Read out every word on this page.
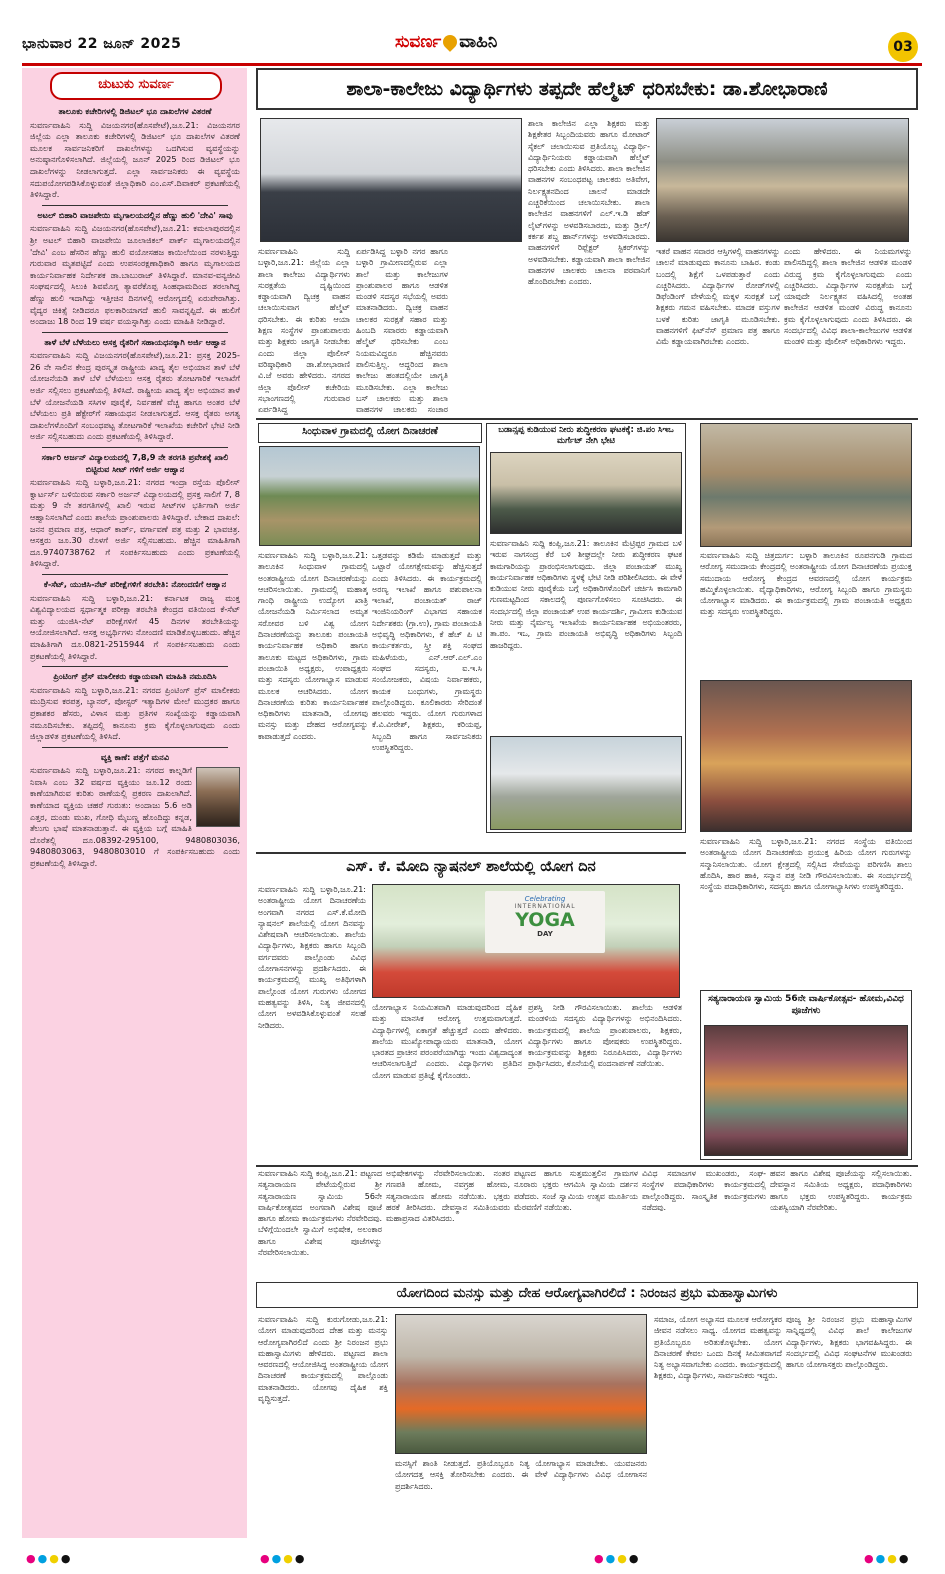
ಭಾನುವಾರ 22 ಜೂನ್ 2025	ಸುವರ್ಣ ವಾಹಿನಿ	03
ಚುಟುಕು ಸುವರ್ಣ
ತಾಲೂಕು ಕಚೇರಿಗಳಲ್ಲಿ ಡಿಜಿಟಲ್ ಭೂ ದಾಖಲೆಗಳ ವಿತರಣೆ
ಸುವರ್ಣವಾಹಿನಿ ಸುದ್ದಿ ವಿಜಯನಗರ(ಹೊಸಪೇಟೆ),ಜೂ.21: ವಿಜಯನಗರ ಜಿಲ್ಲೆಯ ಎಲ್ಲಾ ತಾಲೂಕು ಕಚೇರಿಗಳಲ್ಲಿ ಡಿಜಿಟಲ್ ಭೂ ದಾಖಲೆಗಳ ವಿತರಣೆ ಮೂಲಕ ಸಾರ್ವಜನಿಕರಿಗೆ ದಾಖಲೆಗಳನ್ನು ಒದಗಿಸುವ ವ್ಯವಸ್ಥೆಯನ್ನು ಅನುಷ್ಠಾನಗೊಳಿಸಲಾಗಿದೆ. ಜಿಲ್ಲೆಯಲ್ಲಿ ಜೂನ್ 2025 ರಿಂದ ಡಿಜಿಟಲ್ ಭೂ ದಾಖಲೆಗಳನ್ನು ನೀಡಲಾಗುತ್ತದೆ. ಎಲ್ಲಾ ಸಾರ್ವಜನಿಕರು ಈ ವ್ಯವಸ್ಥೆಯ ಸದುಪಯೋಗಪಡಿಸಿಕೊಳ್ಳುವಂತೆ ಜಿಲ್ಲಾಧಿಕಾರಿ ಎಂ.ಎಸ್.ದಿವಾಕರ್ ಪ್ರಕಟಣೆಯಲ್ಲಿ ತಿಳಿಸಿದ್ದಾರೆ.
ಅಟಲ್ ಬಿಹಾರಿ ವಾಜಪೇಯಿ ಮೃಗಾಲಯದಲ್ಲಿನ ಹೆಣ್ಣು ಹುಲಿ 'ದೇವಿ' ಸಾವು
ಸುವರ್ಣವಾಹಿನಿ ಸುದ್ದಿ ವಿಜಯನಗರ(ಹೊಸಪೇಟೆ),ಜೂ.21: ಕಮಲಾಪುರದಲ್ಲಿನ ಶ್ರೀ ಅಟಲ್ ಬಿಹಾರಿ ವಾಜಪೇಯಿ ಜೂಲಾಜಿಕಲ್ ಪಾರ್ಕ್ ಮೃಗಾಲಯದಲ್ಲಿನ 'ದೇವಿ' ಎಂಬ ಹೆಸರಿನ ಹೆಣ್ಣು ಹುಲಿ ವಯೋಸಹಜ ಕಾಯಿಲೆಯಿಂದ ನರಳುತ್ತಿದ್ದು ಗುರುವಾರ ಮೃತಪಟ್ಟಿದೆ ಎಂದು ಉಪಸಂರಕ್ಷಣಾಧಿಕಾರಿ ಹಾಗೂ ಮೃಗಾಲಯದ ಕಾರ್ಯನಿರ್ವಾಹಕ ನಿರ್ದೇಶಕ ಡಾ.ಬಾಬುರಾಜ್ ತಿಳಿಸಿದ್ದಾರೆ. ಮಾನವ-ವನ್ಯಜೀವಿ ಸಂಘರ್ಷದಲ್ಲಿ ಸಿಲುಕಿ ಶಿವಮೊಗ್ಗ ತ್ಯಾವರೆಕೊಪ್ಪ ಸಿಂಹಧಾಮದಿಂದ ತರಲಾಗಿದ್ದ ಹೆಣ್ಣು ಹುಲಿ ಇದಾಗಿದ್ದು ಇತ್ತೀಚಿನ ದಿನಗಳಲ್ಲಿ ಆರೋಗ್ಯದಲ್ಲಿ ಏರುಪೇರಾಗಿತ್ತು. ವೈದ್ಯರ ಚಿಕಿತ್ಸೆ ನೀಡಿದರೂ ಫಲಕಾರಿಯಾಗದೆ ಹುಲಿ ಸಾವನ್ನಪ್ಪಿದೆ. ಈ ಹುಲಿಗೆ ಅಂದಾಜು 18 ರಿಂದ 19 ವರ್ಷ ವಯಸ್ಸಾಗಿತ್ತು ಎಂದು ಮಾಹಿತಿ ನೀಡಿದ್ದಾರೆ.
ತಾಳೆ ಬೆಳೆ ಬೆಳೆಯಲು ಆಸಕ್ತ ರೈತರಿಗೆ ಸಹಾಯಧನಕ್ಕಾಗಿ ಅರ್ಜಿ ಆಹ್ವಾನ
ಸುವರ್ಣವಾಹಿನಿ ಸುದ್ದಿ ವಿಜಯನಗರ(ಹೊಸಪೇಟೆ),ಜೂ.21: ಪ್ರಸಕ್ತ 2025-26 ನೇ ಸಾಲಿನ ಕೇಂದ್ರ ಪುರಸ್ಕೃತ ರಾಷ್ಟ್ರೀಯ ಖಾದ್ಯ ತೈಲ ಅಭಿಯಾನ ತಾಳೆ ಬೆಳೆ ಯೋಜನೆಯಡಿ ತಾಳೆ ಬೆಳೆ ಬೆಳೆಯಲು ಆಸಕ್ತ ರೈತರು ತೋಟಗಾರಿಕೆ ಇಲಾಖೆಗೆ ಅರ್ಜಿ ಸಲ್ಲಿಸಲು ಪ್ರಕಟಣೆಯಲ್ಲಿ ತಿಳಿಸಿದೆ. ರಾಷ್ಟ್ರೀಯ ಖಾದ್ಯ ತೈಲ ಅಭಿಯಾನ ತಾಳೆ ಬೆಳೆ ಯೋಜನೆಯಡಿ ಸಸಿಗಳ ಪೂರೈಕೆ, ನಿರ್ವಹಣೆ ವೆಚ್ಚ ಹಾಗೂ ಅಂತರ ಬೆಳೆ ಬೆಳೆಯಲು ಪ್ರತಿ ಹೆಕ್ಟೇರ್‌ಗೆ ಸಹಾಯಧನ ನೀಡಲಾಗುತ್ತದೆ. ಆಸಕ್ತ ರೈತರು ಅಗತ್ಯ ದಾಖಲೆಗಳೊಂದಿಗೆ ಸಂಬಂಧಪಟ್ಟ ತೋಟಗಾರಿಕೆ ಇಲಾಖೆಯ ಕಚೇರಿಗೆ ಭೇಟಿ ನೀಡಿ ಅರ್ಜಿ ಸಲ್ಲಿಸಬಹುದು ಎಂದು ಪ್ರಕಟಣೆಯಲ್ಲಿ ತಿಳಿಸಿದ್ದಾರೆ.
ಸರ್ಕಾರಿ ಅರ್ಜನ್ ವಿದ್ಯಾಲಯದಲ್ಲಿ 7,8,9 ನೇ ತರಗತಿ ಪ್ರವೇಶಕ್ಕೆ ಖಾಲಿ ಬಿಟ್ಟಿರುವ ಸೀಟ್ ಗಳಿಗೆ ಅರ್ಜಿ ಆಹ್ವಾನ
ಸುವರ್ಣವಾಹಿನಿ ಸುದ್ದಿ ಬಳ್ಳಾರಿ,ಜೂ.21: ನಗರದ ಇಂದ್ರಾ ರಸ್ತೆಯ ಪೊಲೀಸ್ ಕ್ವಾರ್ಟರ್ಸ್ ಬಳಿಯಿರುವ ಸರ್ಕಾರಿ ಅರ್ಜನ್ ವಿದ್ಯಾಲಯದಲ್ಲಿ ಪ್ರಸಕ್ತ ಸಾಲಿಗೆ 7, 8 ಮತ್ತು 9 ನೇ ತರಗತಿಗಳಲ್ಲಿ ಖಾಲಿ ಇರುವ ಸೀಟ್‌ಗಳ ಭರ್ತಿಗಾಗಿ ಅರ್ಜಿ ಆಹ್ವಾನಿಸಲಾಗಿದೆ ಎಂದು ಶಾಲೆಯ ಪ್ರಾಂಶುಪಾಲರು ತಿಳಿಸಿದ್ದಾರೆ. ಬೇಕಾದ ದಾಖಲೆ: ಜನನ ಪ್ರಮಾಣ ಪತ್ರ, ಆಧಾರ್ ಕಾರ್ಡ್, ವರ್ಗಾವಣೆ ಪತ್ರ ಮತ್ತು 2 ಭಾವಚಿತ್ರ. ಆಸಕ್ತರು ಜೂ.30 ರೊಳಗೆ ಅರ್ಜಿ ಸಲ್ಲಿಸಬಹುದು. ಹೆಚ್ಚಿನ ಮಾಹಿತಿಗಾಗಿ ದೂ.9740738762 ಗೆ ಸಂಪರ್ಕಿಸಬಹುದು ಎಂದು ಪ್ರಕಟಣೆಯಲ್ಲಿ ತಿಳಿಸಿದ್ದಾರೆ.
ಕೆ-ಸೆಟ್, ಯುಜಿಸಿ-ನೆಟ್ ಪರೀಕ್ಷೆಗಳಿಗೆ ತರಬೇತಿ: ನೋಂದಣಿಗೆ ಆಹ್ವಾನ
ಸುವರ್ಣವಾಹಿನಿ ಸುದ್ದಿ ಬಳ್ಳಾರಿ,ಜೂ.21: ಕರ್ನಾಟಕ ರಾಜ್ಯ ಮುಕ್ತ ವಿಶ್ವವಿದ್ಯಾಲಯದ ಸ್ಪರ್ಧಾತ್ಮಕ ಪರೀಕ್ಷಾ ತರಬೇತಿ ಕೇಂದ್ರದ ವತಿಯಿಂದ ಕೆ-ಸೆಟ್ ಮತ್ತು ಯುಜಿಸಿ-ನೆಟ್ ಪರೀಕ್ಷೆಗಳಿಗೆ 45 ದಿನಗಳ ತರಬೇತಿಯನ್ನು ಆಯೋಜಿಸಲಾಗಿದೆ. ಆಸಕ್ತ ಅಭ್ಯರ್ಥಿಗಳು ನೋಂದಣಿ ಮಾಡಿಕೊಳ್ಳಬಹುದು. ಹೆಚ್ಚಿನ ಮಾಹಿತಿಗಾಗಿ ದೂ.0821-2515944 ಗೆ ಸಂಪರ್ಕಿಸಬಹುದು ಎಂದು ಪ್ರಕಟಣೆಯಲ್ಲಿ ತಿಳಿಸಿದ್ದಾರೆ.
ಪ್ರಿಂಟಿಂಗ್ ಪ್ರೆಸ್ ಮಾಲೀಕರು ಕಡ್ಡಾಯವಾಗಿ ಮಾಹಿತಿ ನಮೂದಿಸಿ
ಸುವರ್ಣವಾಹಿನಿ ಸುದ್ದಿ ಬಳ್ಳಾರಿ,ಜೂ.21: ನಗರದ ಪ್ರಿಂಟಿಂಗ್ ಪ್ರೆಸ್ ಮಾಲೀಕರು ಮುದ್ರಿಸುವ ಕರಪತ್ರ, ಬ್ಯಾನರ್, ಪೋಸ್ಟರ್ ಇತ್ಯಾದಿಗಳ ಮೇಲೆ ಮುದ್ರಕರ ಹಾಗೂ ಪ್ರಕಾಶಕರ ಹೆಸರು, ವಿಳಾಸ ಮತ್ತು ಪ್ರತಿಗಳ ಸಂಖ್ಯೆಯನ್ನು ಕಡ್ಡಾಯವಾಗಿ ನಮೂದಿಸಬೇಕು. ತಪ್ಪಿದಲ್ಲಿ ಕಾನೂನು ಕ್ರಮ ಕೈಗೊಳ್ಳಲಾಗುವುದು ಎಂದು ಜಿಲ್ಲಾಡಳಿತ ಪ್ರಕಟಣೆಯಲ್ಲಿ ತಿಳಿಸಿದೆ.
ವ್ಯಕ್ತಿ ಕಾಣೆ: ಪತ್ತೆಗೆ ಮನವಿ
ಸುವರ್ಣವಾಹಿನಿ ಸುದ್ದಿ ಬಳ್ಳಾರಿ,ಜೂ.21: ನಗರದ ಕಾಲ್ನಡಿಗೆ ನಿವಾಸಿ ಎಂಬ 32 ವರ್ಷದ ವ್ಯಕ್ತಿಯು ಜೂ.12 ರಂದು ಕಾಣೆಯಾಗಿರುವ ಕುರಿತು ಠಾಣೆಯಲ್ಲಿ ಪ್ರಕರಣ ದಾಖಲಾಗಿದೆ. ಕಾಣೆಯಾದ ವ್ಯಕ್ತಿಯ ಚಹರೆ ಗುರುತು: ಅಂದಾಜು 5.6 ಅಡಿ ಎತ್ತರ, ದುಂಡು ಮುಖ, ಗೋಧಿ ಮೈಬಣ್ಣ ಹೊಂದಿದ್ದು ಕನ್ನಡ, ತೆಲುಗು ಭಾಷೆ ಮಾತನಾಡುತ್ತಾನೆ. ಈ ವ್ಯಕ್ತಿಯ ಬಗ್ಗೆ ಮಾಹಿತಿ ದೊರೆತಲ್ಲಿ ದೂ.08392-295100, 9480803036, 9480803063, 9480803010 ಗೆ ಸಂಪರ್ಕಿಸಬಹುದು ಎಂದು ಪ್ರಕಟಣೆಯಲ್ಲಿ ತಿಳಿಸಿದ್ದಾರೆ.
ಶಾಲಾ-ಕಾಲೇಜು ವಿದ್ಯಾರ್ಥಿಗಳು ತಪ್ಪದೇ ಹೆಲ್ಮೆಟ್ ಧರಿಸಬೇಕು: ಡಾ.ಶೋಭಾರಾಣಿ
ಸುವರ್ಣವಾಹಿನಿ ಸುದ್ದಿ ಬಳ್ಳಾರಿ,ಜೂ.21: ಜಿಲ್ಲೆಯ ಎಲ್ಲಾ ಶಾಲಾ ಕಾಲೇಜು ವಿದ್ಯಾರ್ಥಿಗಳು ಸುರಕ್ಷತೆಯ ದೃಷ್ಟಿಯಿಂದ ಕಡ್ಡಾಯವಾಗಿ ದ್ವಿಚಕ್ರ ವಾಹನ ಚಲಾಯಿಸುವಾಗ ಹೆಲ್ಮೆಟ್ ಧರಿಸಬೇಕು. ಈ ಕುರಿತು ಆಯಾ ಶಿಕ್ಷಣ ಸಂಸ್ಥೆಗಳ ಪ್ರಾಂಶುಪಾಲರು ಮತ್ತು ಶಿಕ್ಷಕರು ಜಾಗೃತಿ ನೀಡಬೇಕು ಎಂದು ಜಿಲ್ಲಾ ಪೊಲೀಸ್ ವರಿಷ್ಠಾಧಿಕಾರಿ ಡಾ.ಶೋಭಾರಾಣಿ ವಿ.ಜೆ ಅವರು ಹೇಳಿದರು. ನಗರದ ಜಿಲ್ಲಾ ಪೊಲೀಸ್ ಕಚೇರಿಯ ಸಭಾಂಗಣದಲ್ಲಿ ಗುರುವಾರ ಏರ್ಪಡಿಸಿದ್ದ
ಏರ್ಪಡಿಸಿದ್ದ ಬಳ್ಳಾರಿ ನಗರ ಹಾಗೂ ಬಳ್ಳಾರಿ ಗ್ರಾಮೀಣದಲ್ಲಿರುವ ಎಲ್ಲಾ ಶಾಲೆ ಮತ್ತು ಕಾಲೇಜುಗಳ ಪ್ರಾಂಶುಪಾಲರ ಹಾಗೂ ಆಡಳಿತ ಮಂಡಳಿ ಸದಸ್ಯರ ಸಭೆಯಲ್ಲಿ ಅವರು ಮಾತನಾಡಿದರು. ದ್ವಿಚಕ್ರ ವಾಹನ ಚಾಲಕರ ಸುರಕ್ಷತೆ ಸಹಾರ ಮತ್ತು ಹಿಂಬದಿ ಸವಾರರು ಕಡ್ಡಾಯವಾಗಿ ಹೆಲ್ಮೆಟ್ ಧರಿಸಬೇಕು ಎಂಬ ನಿಯಮವಿದ್ದರೂ ಹೆಚ್ಚಿನವರು ಪಾಲಿಸುತ್ತಿಲ್ಲ. ಆದ್ದರಿಂದ ಶಾಲಾ ಕಾಲೇಜು ಹಂತದಲ್ಲಿಯೇ ಜಾಗೃತಿ ಮೂಡಿಸಬೇಕು. ಎಲ್ಲಾ ಕಾಲೇಜು ಬಸ್ ಚಾಲಕರು ಮತ್ತು ಶಾಲಾ ವಾಹನಗಳ ಚಾಲಕರು ಸಂಚಾರ
ಶಾಲಾ ಕಾಲೇಜಿನ ಎಲ್ಲಾ ಶಿಕ್ಷಕರು ಮತ್ತು ಶಿಕ್ಷಕೇತರ ಸಿಬ್ಬಂದಿಯವರು ಹಾಗೂ ಮೋಟಾರ್ ಸೈಕಲ್ ಚಲಾಯಿಸುವ ಪ್ರತಿಯೊಬ್ಬ ವಿದ್ಯಾರ್ಥಿ-ವಿದ್ಯಾರ್ಥಿನಿಯರು ಕಡ್ಡಾಯವಾಗಿ ಹೆಲ್ಮೆಟ್ ಧರಿಸಬೇಕು ಎಂದು ತಿಳಿಸಿದರು. ಶಾಲಾ ಕಾಲೇಜಿನ ವಾಹನಗಳ ಸಂಬಂಧಪಟ್ಟ ಚಾಲಕರು ಅತಿವೇಗ, ನಿರ್ಲಕ್ಷ್ಯತನದಿಂದ ಚಾಲನೆ ಮಾಡದೇ ಎಚ್ಚರಿಕೆಯಿಂದ ಚಲಾಯಿಸಬೇಕು. ಶಾಲಾ ಕಾಲೇಜಿನ ವಾಹನಗಳಿಗೆ ಎಲ್.ಇ.ಡಿ ಹೆಡ್ ಲೈಟ್‌ಗಳನ್ನು ಅಳವಡಿಸಬಾರದು, ಮತ್ತು ಡ್ರಿಲ್/ಕರ್ಕಶ ಶಬ್ದ ಹಾರ್ನ್‌ಗಳನ್ನು ಅಳವಡಿಸಬಾರದು. ವಾಹನಗಳಿಗೆ ರಿಫ್ಲೆಕ್ಟರ್ ಸ್ಟಿಕರ್‌ಗಳನ್ನು ಅಳವಡಿಸಬೇಕು. ಕಡ್ಡಾಯವಾಗಿ ಶಾಲಾ ಕಾಲೇಜಿನ ವಾಹನಗಳ ಚಾಲಕರು ಚಾಲನಾ ಪರವಾನಿಗೆ ಹೊಂದಿರಬೇಕು ಎಂದರು.
ಇತರೆ ವಾಹನ ಸವಾರರ ಆಸ್ತಿಗಳಲ್ಲಿ ವಾಹನಗಳನ್ನು ಚಾಲನೆ ಮಾಡುವುದು ಕಾನೂನು ಬಾಹಿರ. ಕಂಡು ಬಂದಲ್ಲಿ ಶಿಕ್ಷೆಗೆ ಒಳಪಡುತ್ತಾರೆ ಎಂದು ಎಚ್ಚರಿಸಿದರು. ವಿದ್ಯಾರ್ಥಿಗಳ ರೋಡ್‌ಗಳಲ್ಲಿ ಡಿಫೆಂಡಿಂಗ್ ವೇಳೆಯಲ್ಲಿ ಮಕ್ಕಳ ಸುರಕ್ಷತೆ ಬಗ್ಗೆ ಶಿಕ್ಷಕರು ಗಮನ ವಹಿಸಬೇಕು. ಮಾದಕ ವಸ್ತುಗಳ ಬಳಕೆ ಕುರಿತು ಜಾಗೃತಿ ಮೂಡಿಸಬೇಕು. ವಾಹನಗಳಿಗೆ ಫಿಟ್‌ನೆಸ್ ಪ್ರಮಾಣ ಪತ್ರ ಹಾಗೂ ವಿಮೆ ಕಡ್ಡಾಯವಾಗಿರಬೇಕು ಎಂದರು.
ಎಂದು ಹೇಳಿದರು. ಈ ನಿಯಮಗಳನ್ನು ಪಾಲಿಸದಿದ್ದಲ್ಲಿ ಶಾಲಾ ಕಾಲೇಜಿನ ಆಡಳಿತ ಮಂಡಳಿ ವಿರುದ್ಧ ಕ್ರಮ ಕೈಗೊಳ್ಳಲಾಗುವುದು ಎಂದು ಎಚ್ಚರಿಸಿದರು. ವಿದ್ಯಾರ್ಥಿಗಳ ಸುರಕ್ಷತೆಯ ಬಗ್ಗೆ ಯಾವುದೇ ನಿರ್ಲಕ್ಷ್ಯತನ ವಹಿಸಿದಲ್ಲಿ ಅಂತಹ ಕಾಲೇಜಿನ ಆಡಳಿತ ಮಂಡಳಿ ವಿರುದ್ಧ ಕಾನೂನು ಕ್ರಮ ಕೈಗೊಳ್ಳಲಾಗುವುದು ಎಂದು ತಿಳಿಸಿದರು. ಈ ಸಂದರ್ಭದಲ್ಲಿ ವಿವಿಧ ಶಾಲಾ-ಕಾಲೇಜುಗಳ ಆಡಳಿತ ಮಂಡಳಿ ಮತ್ತು ಪೊಲೀಸ್ ಅಧಿಕಾರಿಗಳು ಇದ್ದರು.
ಸಿಂಧುವಾಳ ಗ್ರಾಮದಲ್ಲಿ ಯೋಗ ದಿನಾಚರಣೆ
ಸುವರ್ಣವಾಹಿನಿ ಸುದ್ದಿ ಬಳ್ಳಾರಿ,ಜೂ.21: ತಾಲೂಕಿನ ಸಿಂಧುವಾಳ ಗ್ರಾಮದಲ್ಲಿ ಅಂತರಾಷ್ಟ್ರೀಯ ಯೋಗ ದಿನಾಚರಣೆಯನ್ನು ಆಚರಿಸಲಾಯಿತು. ಗ್ರಾಮದಲ್ಲಿ ಮಹಾತ್ಮ ಗಾಂಧಿ ರಾಷ್ಟ್ರೀಯ ಉದ್ಯೋಗ ಖಾತ್ರಿ ಯೋಜನೆಯಡಿ ನಿರ್ಮಿಸಲಾದ ಅಮೃತ ಸರೋವರ ಬಳಿ ವಿಶ್ವ ಯೋಗ ದಿನಾಚರಣೆಯನ್ನು ತಾಲೂಕು ಪಂಚಾಯತಿ ಕಾರ್ಯನಿರ್ವಾಹಕ ಅಧಿಕಾರಿ ಹಾಗೂ ತಾಲೂಕು ಮಟ್ಟದ ಅಧಿಕಾರಿಗಳು, ಗ್ರಾಮ ಪಂಚಾಯಿತಿ ಅಧ್ಯಕ್ಷರು, ಉಪಾಧ್ಯಕ್ಷರು ಮತ್ತು ಸದಸ್ಯರು ಯೋಗಾಭ್ಯಾಸ ಮಾಡುವ ಮೂಲಕ ಆಚರಿಸಿದರು. ಯೋಗ ದಿನಾಚರಣೆಯ ಕುರಿತು ಕಾರ್ಯನಿರ್ವಾಹಕ ಅಧಿಕಾರಿಗಳು ಮಾತನಾಡಿ, ಯೋಗವು ಮನಸ್ಸು ಮತ್ತು ದೇಹದ ಆರೋಗ್ಯವನ್ನು ಕಾಪಾಡುತ್ತದೆ ಎಂದರು.
ಒತ್ತಡವನ್ನು ಕಡಿಮೆ ಮಾಡುತ್ತದೆ ಮತ್ತು ಒಟ್ಟಾರೆ ಯೋಗಕ್ಷೇಮವನ್ನು ಹೆಚ್ಚಿಸುತ್ತದೆ ಎಂದು ತಿಳಿಸಿದರು. ಈ ಕಾರ್ಯಕ್ರಮದಲ್ಲಿ ಅರಣ್ಯ ಇಲಾಖೆ ಹಾಗೂ ಪಶುಪಾಲನಾ ಇಲಾಖೆ, ಪಂಚಾಯತ್ ರಾಜ್ ಇಂಜಿನಿಯರಿಂಗ್ ವಿಭಾಗದ ಸಹಾಯಕ ನಿರ್ದೇಶಕರು (ಗ್ರಾ.ಉ), ಗ್ರಾಮ ಪಂಚಾಯತಿ ಅಭಿವೃದ್ಧಿ ಅಧಿಕಾರಿಗಳು, ಕೆ ಹೆಚ್ ಪಿ ಟಿ ಕಾರ್ಯಕರ್ತರು, ಸ್ತ್ರೀ ಶಕ್ತಿ ಸಂಘದ ಮಹಿಳೆಯರು, ಎನ್.ಆರ್.ಎಲ್.ಎಂ ಸಂಘದ ಸದಸ್ಯರು, ಐ.ಇ.ಸಿ ಸಂಯೋಜಕರು, ವಿಷಯ ನಿರ್ವಾಹಕರು, ಕಾಯಕ ಬಂಧುಗಳು, ಗ್ರಾಮಸ್ಥರು ಪಾಲ್ಗೊಂಡಿದ್ದರು. ಕೂಲಿಕಾರರು ಸೇರಿದಂತೆ ಹಲವರು ಇದ್ದರು. ಯೋಗ ಗುರುಗಳಾದ ಕೆ.ವಿ.ವೀರೇಶ್, ಶಿಕ್ಷಕರು, ಕರಿಯಪ್ಪ, ಸಿಬ್ಬಂದಿ ಹಾಗೂ ಸಾರ್ವಜನಿಕರು ಉಪಸ್ಥಿತರಿದ್ದರು.
ಬಡಾನ್ಸಪ್ಪ ಕುಡಿಯುವ ನೀರು ಶುದ್ಧೀಕರಣ ಘಟಕಕ್ಕೆ: ಜಿ.ಪಂ ಸಿಇಒ ಮರ್ಗೆಟ್ ನೇಗಿ ಭೇಟಿ
ಸುವರ್ಣವಾಹಿನಿ ಸುದ್ದಿ ಕಂಪ್ಲಿ,ಜೂ.21: ತಾಲೂಕಿನ ಮೆಟ್ರಿಪ್ಪರ ಗ್ರಾಮದ ಬಳಿ ಇರುವ ನಾಗಸಂದ್ರ ಕೆರೆ ಬಳಿ ಶೀಘ್ರದಲ್ಲೇ ನೀರು ಶುದ್ಧೀಕರಣ ಘಟಕ ಕಾಮಗಾರಿಯನ್ನು ಪ್ರಾರಂಭಿಸಲಾಗುವುದು. ಜಿಲ್ಲಾ ಪಂಚಾಯತ್ ಮುಖ್ಯ ಕಾರ್ಯನಿರ್ವಾಹಕ ಅಧಿಕಾರಿಗಳು ಸ್ಥಳಕ್ಕೆ ಭೇಟಿ ನೀಡಿ ಪರಿಶೀಲಿಸಿದರು. ಈ ವೇಳೆ ಕುಡಿಯುವ ನೀರು ಪೂರೈಕೆಯ ಬಗ್ಗೆ ಅಧಿಕಾರಿಗಳೊಂದಿಗೆ ಚರ್ಚಿಸಿ ಕಾಮಗಾರಿ ಗುಣಮಟ್ಟದಿಂದ ಸಕಾಲದಲ್ಲಿ ಪೂರ್ಣಗೊಳಿಸಲು ಸೂಚಿಸಿದರು. ಈ ಸಂದರ್ಭದಲ್ಲಿ ಜಿಲ್ಲಾ ಪಂಚಾಯತ್ ಉಪ ಕಾರ್ಯದರ್ಶಿ, ಗ್ರಾಮೀಣ ಕುಡಿಯುವ ನೀರು ಮತ್ತು ನೈರ್ಮಲ್ಯ ಇಲಾಖೆಯ ಕಾರ್ಯನಿರ್ವಾಹಕ ಅಭಿಯಂತರರು, ತಾ.ಪಂ. ಇಒ, ಗ್ರಾಮ ಪಂಚಾಯತಿ ಅಭಿವೃದ್ಧಿ ಅಧಿಕಾರಿಗಳು ಸಿಬ್ಬಂದಿ ಹಾಜರಿದ್ದರು.
ಸುವರ್ಣವಾಹಿನಿ ಸುದ್ದಿ ಚಿತ್ರದುರ್ಗ: ಬಳ್ಳಾರಿ ತಾಲೂಕಿನ ರೂಪನಗುಡಿ ಗ್ರಾಮದ ಆರೋಗ್ಯ ಸಮುದಾಯ ಕೇಂದ್ರದಲ್ಲಿ ಅಂತರಾಷ್ಟ್ರೀಯ ಯೋಗ ದಿನಾಚರಣೆಯ ಪ್ರಯುಕ್ತ ಸಮುದಾಯ ಆರೋಗ್ಯ ಕೇಂದ್ರದ ಆವರಣದಲ್ಲಿ ಯೋಗ ಕಾರ್ಯಕ್ರಮ ಹಮ್ಮಿಕೊಳ್ಳಲಾಯಿತು. ವೈದ್ಯಾಧಿಕಾರಿಗಳು, ಆರೋಗ್ಯ ಸಿಬ್ಬಂದಿ ಹಾಗೂ ಗ್ರಾಮಸ್ಥರು ಯೋಗಾಭ್ಯಾಸ ಮಾಡಿದರು. ಈ ಕಾರ್ಯಕ್ರಮದಲ್ಲಿ ಗ್ರಾಮ ಪಂಚಾಯತಿ ಅಧ್ಯಕ್ಷರು ಮತ್ತು ಸದಸ್ಯರು ಉಪಸ್ಥಿತರಿದ್ದರು.
ಸುವರ್ಣವಾಹಿನಿ ಸುದ್ದಿ ಬಳ್ಳಾರಿ,ಜೂ.21: ನಗರದ ಸಂಸ್ಥೆಯ ವತಿಯಿಂದ ಅಂತರಾಷ್ಟ್ರೀಯ ಯೋಗ ದಿನಾಚರಣೆಯ ಪ್ರಯುಕ್ತ ಹಿರಿಯ ಯೋಗ ಗುರುಗಳನ್ನು ಸನ್ಮಾನಿಸಲಾಯಿತು. ಯೋಗ ಕ್ಷೇತ್ರದಲ್ಲಿ ಸಲ್ಲಿಸಿದ ಸೇವೆಯನ್ನು ಪರಿಗಣಿಸಿ ಶಾಲು ಹೊದಿಸಿ, ಹಾರ ಹಾಕಿ, ಸನ್ಮಾನ ಪತ್ರ ನೀಡಿ ಗೌರವಿಸಲಾಯಿತು. ಈ ಸಂದರ್ಭದಲ್ಲಿ ಸಂಸ್ಥೆಯ ಪದಾಧಿಕಾರಿಗಳು, ಸದಸ್ಯರು ಹಾಗೂ ಯೋಗಾಭ್ಯಾಸಿಗಳು ಉಪಸ್ಥಿತರಿದ್ದರು.
ಎಸ್. ಕೆ. ಮೋದಿ ನ್ಯಾಷನಲ್ ಶಾಲೆಯಲ್ಲಿ ಯೋಗ ದಿನ
ಸುವರ್ಣವಾಹಿನಿ ಸುದ್ದಿ ಬಳ್ಳಾರಿ,ಜೂ.21: ಅಂತರಾಷ್ಟ್ರೀಯ ಯೋಗ ದಿನಾಚರಣೆಯ ಅಂಗವಾಗಿ ನಗರದ ಎಸ್.ಕೆ.ಮೋದಿ ನ್ಯಾಷನಲ್ ಶಾಲೆಯಲ್ಲಿ ಯೋಗ ದಿನವನ್ನು ವಿಶೇಷವಾಗಿ ಆಚರಿಸಲಾಯಿತು. ಶಾಲೆಯ ವಿದ್ಯಾರ್ಥಿಗಳು, ಶಿಕ್ಷಕರು ಹಾಗೂ ಸಿಬ್ಬಂದಿ ವರ್ಗದವರು ಪಾಲ್ಗೊಂಡು ವಿವಿಧ ಯೋಗಾಸನಗಳನ್ನು ಪ್ರದರ್ಶಿಸಿದರು. ಈ ಕಾರ್ಯಕ್ರಮದಲ್ಲಿ ಮುಖ್ಯ ಅತಿಥಿಗಳಾಗಿ ಪಾಲ್ಗೊಂಡ ಯೋಗ ಗುರುಗಳು ಯೋಗದ ಮಹತ್ವವನ್ನು ತಿಳಿಸಿ, ನಿತ್ಯ ಜೀವನದಲ್ಲಿ ಯೋಗ ಅಳವಡಿಸಿಕೊಳ್ಳುವಂತೆ ಸಲಹೆ ನೀಡಿದರು.
Celebrating
INTERNATIONAL
YOGA
DAY
ಯೋಗಾಭ್ಯಾಸ ನಿಯಮಿತವಾಗಿ ಮಾಡುವುದರಿಂದ ದೈಹಿಕ ಮತ್ತು ಮಾನಸಿಕ ಆರೋಗ್ಯ ಉತ್ತಮವಾಗುತ್ತದೆ. ವಿದ್ಯಾರ್ಥಿಗಳಲ್ಲಿ ಏಕಾಗ್ರತೆ ಹೆಚ್ಚುತ್ತದೆ ಎಂದು ಹೇಳಿದರು. ಶಾಲೆಯ ಮುಖ್ಯೋಪಾಧ್ಯಾಯರು ಮಾತನಾಡಿ, ಯೋಗ ಭಾರತದ ಪ್ರಾಚೀನ ಪರಂಪರೆಯಾಗಿದ್ದು ಇಂದು ವಿಶ್ವದಾದ್ಯಂತ ಆಚರಿಸಲಾಗುತ್ತಿದೆ ಎಂದರು. ವಿದ್ಯಾರ್ಥಿಗಳು ಪ್ರತಿದಿನ ಯೋಗ ಮಾಡುವ ಪ್ರತಿಜ್ಞೆ ಕೈಗೊಂಡರು.
ಪ್ರಶಸ್ತಿ ನೀಡಿ ಗೌರವಿಸಲಾಯಿತು. ಶಾಲೆಯ ಆಡಳಿತ ಮಂಡಳಿಯ ಸದಸ್ಯರು ವಿದ್ಯಾರ್ಥಿಗಳನ್ನು ಅಭಿನಂದಿಸಿದರು. ಕಾರ್ಯಕ್ರಮದಲ್ಲಿ ಶಾಲೆಯ ಪ್ರಾಂಶುಪಾಲರು, ಶಿಕ್ಷಕರು, ವಿದ್ಯಾರ್ಥಿಗಳು ಹಾಗೂ ಪೋಷಕರು ಉಪಸ್ಥಿತರಿದ್ದರು. ಕಾರ್ಯಕ್ರಮವನ್ನು ಶಿಕ್ಷಕರು ನಿರೂಪಿಸಿದರು, ವಿದ್ಯಾರ್ಥಿಗಳು ಪ್ರಾರ್ಥಿಸಿದರು, ಕೊನೆಯಲ್ಲಿ ವಂದನಾರ್ಪಣೆ ನಡೆಯಿತು.
ಸತ್ಯನಾರಾಯಣ ಸ್ವಾಮಿಯ 56ನೇ ವಾರ್ಷಿಕೋತ್ಸವ- ಹೋಮ,ವಿವಿಧ ಪೂಜೆಗಳು
ಸುವರ್ಣವಾಹಿನಿ ಸುದ್ದಿ ಕಂಪ್ಲಿ,ಜೂ.21: ಪಟ್ಟಣದ ಸತ್ಯನಾರಾಯಣ ಪೇಟೆಯಲ್ಲಿರುವ ಶ್ರೀ ಸತ್ಯನಾರಾಯಣ ಸ್ವಾಮಿಯ 56ನೇ ವಾರ್ಷಿಕೋತ್ಸವದ ಅಂಗವಾಗಿ ವಿಶೇಷ ಪೂಜೆ ಹಾಗೂ ಹೋಮ ಕಾರ್ಯಕ್ರಮಗಳು ನೆರವೇರಿದವು. ಬೆಳಿಗ್ಗೆಯಿಂದಲೇ ಸ್ವಾಮಿಗೆ ಅಭಿಷೇಕ, ಅಲಂಕಾರ ಹಾಗೂ ವಿಶೇಷ ಪೂಜೆಗಳನ್ನು ನೆರವೇರಿಸಲಾಯಿತು.
ಅಭಿಷೇಕಗಳನ್ನು ನೆರವೇರಿಸಲಾಯಿತು. ನಂತರ ಗಣಪತಿ ಹೋಮ, ನವಗ್ರಹ ಹೋಮ, ಸತ್ಯನಾರಾಯಣ ಹೋಮ ನಡೆಯಿತು. ಭಕ್ತರು ಹರಕೆ ತೀರಿಸಿದರು. ದೇವಸ್ಥಾನ ಸಮಿತಿಯವರು ಮಹಾಪ್ರಸಾದ ವಿತರಿಸಿದರು.
ಪಟ್ಟಣದ ಹಾಗೂ ಸುತ್ತಮುತ್ತಲಿನ ಗ್ರಾಮಗಳ ನೂರಾರು ಭಕ್ತರು ಆಗಮಿಸಿ ಸ್ವಾಮಿಯ ದರ್ಶನ ಪಡೆದರು. ಸಂಜೆ ಸ್ವಾಮಿಯ ಉತ್ಸವ ಮೂರ್ತಿಯ ಮೆರವಣಿಗೆ ನಡೆಯಿತು.
ವಿವಿಧ ಸಮಾಜಗಳ ಮುಖಂಡರು, ಸಂಘ-ಸಂಸ್ಥೆಗಳ ಪದಾಧಿಕಾರಿಗಳು ಕಾರ್ಯಕ್ರಮದಲ್ಲಿ ಪಾಲ್ಗೊಂಡಿದ್ದರು. ಸಾಂಸ್ಕೃತಿಕ ಕಾರ್ಯಕ್ರಮಗಳು ನಡೆದವು.
ಹವನ ಹಾಗೂ ವಿಶೇಷ ಪೂಜೆಯನ್ನು ಸಲ್ಲಿಸಲಾಯಿತು. ದೇವಸ್ಥಾನ ಸಮಿತಿಯ ಅಧ್ಯಕ್ಷರು, ಪದಾಧಿಕಾರಿಗಳು ಹಾಗೂ ಭಕ್ತರು ಉಪಸ್ಥಿತರಿದ್ದರು. ಕಾರ್ಯಕ್ರಮ ಯಶಸ್ವಿಯಾಗಿ ನೆರವೇರಿತು.
ಯೋಗದಿಂದ ಮನಸ್ಸು ಮತ್ತು ದೇಹ ಆರೋಗ್ಯವಾಗಿರಲಿದೆ : ನಿರಂಜನ ಪ್ರಭು ಮಹಾಸ್ವಾಮಿಗಳು
ಸುವರ್ಣವಾಹಿನಿ ಸುದ್ದಿ ಕುರುಗೋಡು,ಜೂ.21: ಯೋಗ ಮಾಡುವುದರಿಂದ ದೇಹ ಮತ್ತು ಮನಸ್ಸು ಆರೋಗ್ಯವಾಗಿರಲಿದೆ ಎಂದು ಶ್ರೀ ನಿರಂಜನ ಪ್ರಭು ಮಹಾಸ್ವಾಮಿಗಳು ಹೇಳಿದರು. ಪಟ್ಟಣದ ಶಾಲಾ ಆವರಣದಲ್ಲಿ ಆಯೋಜಿಸಿದ್ದ ಅಂತರಾಷ್ಟ್ರೀಯ ಯೋಗ ದಿನಾಚರಣೆ ಕಾರ್ಯಕ್ರಮದಲ್ಲಿ ಪಾಲ್ಗೊಂಡು ಮಾತನಾಡಿದರು. ಯೋಗವು ದೈಹಿಕ ಶಕ್ತಿ ವೃದ್ಧಿಸುತ್ತದೆ.
ಮನಸ್ಸಿಗೆ ಶಾಂತಿ ನೀಡುತ್ತದೆ. ಪ್ರತಿಯೊಬ್ಬರೂ ನಿತ್ಯ ಯೋಗಾಭ್ಯಾಸ ಮಾಡಬೇಕು. ಯುವಜನರು ಯೋಗದತ್ತ ಆಸಕ್ತಿ ತೋರಿಸಬೇಕು ಎಂದರು. ಈ ವೇಳೆ ವಿದ್ಯಾರ್ಥಿಗಳು ವಿವಿಧ ಯೋಗಾಸನ ಪ್ರದರ್ಶಿಸಿದರು.
ಸಮಾಜ, ಯೋಗ ಅಭ್ಯಾಸದ ಮೂಲಕ ಆರೋಗ್ಯಕರ ಜೀವನ ನಡೆಸಲು ಸಾಧ್ಯ. ಯೋಗದ ಮಹತ್ವವನ್ನು ಪ್ರತಿಯೊಬ್ಬರೂ ಅರಿತುಕೊಳ್ಳಬೇಕು. ಯೋಗ ದಿನಾಚರಣೆ ಕೇವಲ ಒಂದು ದಿನಕ್ಕೆ ಸೀಮಿತವಾಗದೆ ನಿತ್ಯ ಅಭ್ಯಾಸವಾಗಬೇಕು ಎಂದರು. ಕಾರ್ಯಕ್ರಮದಲ್ಲಿ ಶಿಕ್ಷಕರು, ವಿದ್ಯಾರ್ಥಿಗಳು, ಸಾರ್ವಜನಿಕರು ಇದ್ದರು.
ಪೂಜ್ಯ ಶ್ರೀ ನಿರಂಜನ ಪ್ರಭು ಮಹಾಸ್ವಾಮಿಗಳ ಸಾನ್ನಿಧ್ಯದಲ್ಲಿ ವಿವಿಧ ಶಾಲೆ ಕಾಲೇಜುಗಳ ವಿದ್ಯಾರ್ಥಿಗಳು, ಶಿಕ್ಷಕರು ಭಾಗವಹಿಸಿದ್ದರು. ಈ ಸಂದರ್ಭದಲ್ಲಿ ವಿವಿಧ ಸಂಘಟನೆಗಳ ಮುಖಂಡರು ಹಾಗೂ ಯೋಗಾಸಕ್ತರು ಪಾಲ್ಗೊಂಡಿದ್ದರು.
●●●●	●●●●	●●●●	●●●●
